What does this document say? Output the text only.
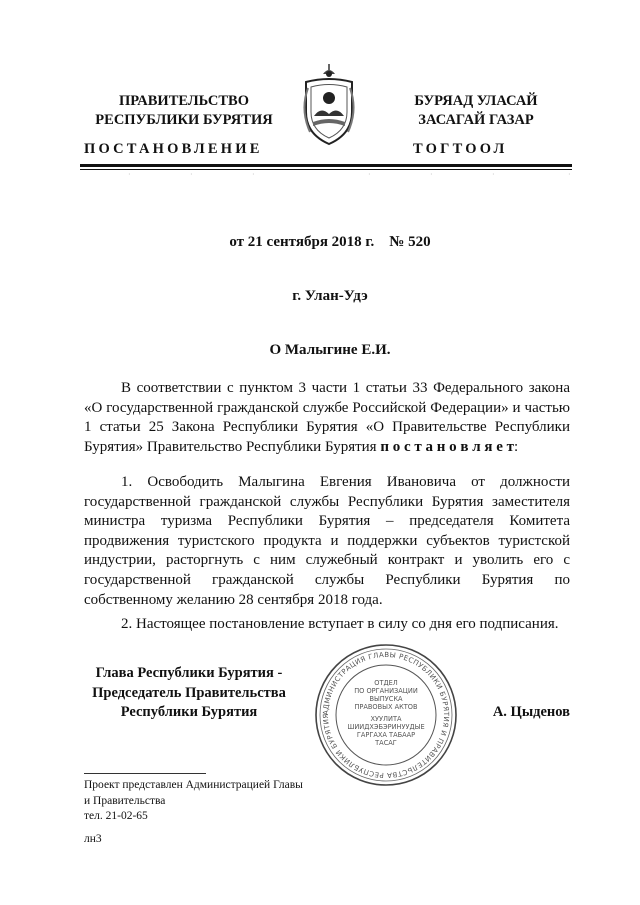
ПРАВИТЕЛЬСТВО
РЕСПУБЛИКИ БУРЯТИЯ
БУРЯАД УЛАСАЙ
ЗАСАГАЙ ГАЗАР
ПОСТАНОВЛЕНИЕ	ТОГТООЛ
·	·	·	·	·	·	·
от 21 сентября 2018 г.    № 520
г. Улан-Удэ
О Малыгине Е.И.
В соответствии с пунктом 3 части 1 статьи 33 Федерального закона «О государственной гражданской службе Российской Федерации» и частью 1 статьи 25 Закона Республики Бурятия «О Правительстве Республики Бурятия» Правительство Республики Бурятия п о с т а н о в л я е т:
1. Освободить Малыгина Евгения Ивановича от должности государственной гражданской службы Республики Бурятия заместителя министра туризма Республики Бурятия – председателя Комитета продвижения туристского продукта и поддержки субъектов туристской индустрии, расторгнуть с ним служебный контракт и уволить его с государственной гражданской службы Республики Бурятия по собственному желанию 28 сентября 2018 года.
2. Настоящее постановление вступает в силу со дня его подписания.
Глава Республики Бурятия -
Председатель Правительства
Республики Бурятия	А. Цыденов
АДМИНИСТРАЦИЯ ГЛАВЫ РЕСПУБЛИКИ БУРЯТИЯ И ПРАВИТЕЛЬСТВА РЕСПУБЛИКИ БУРЯТИЯ
ОТДЕЛ
ПО ОРГАНИЗАЦИИ
ВЫПУСКА
ПРАВОВЫХ АКТОВ
ХУУЛИТА
ШИИДХЭБЭРИНУУДЫЕ
ГАРГАХА ТАБААР
ТАСАГ
Проект представлен Администрацией Главы
и Правительства
тел. 21-02-65
лн3
